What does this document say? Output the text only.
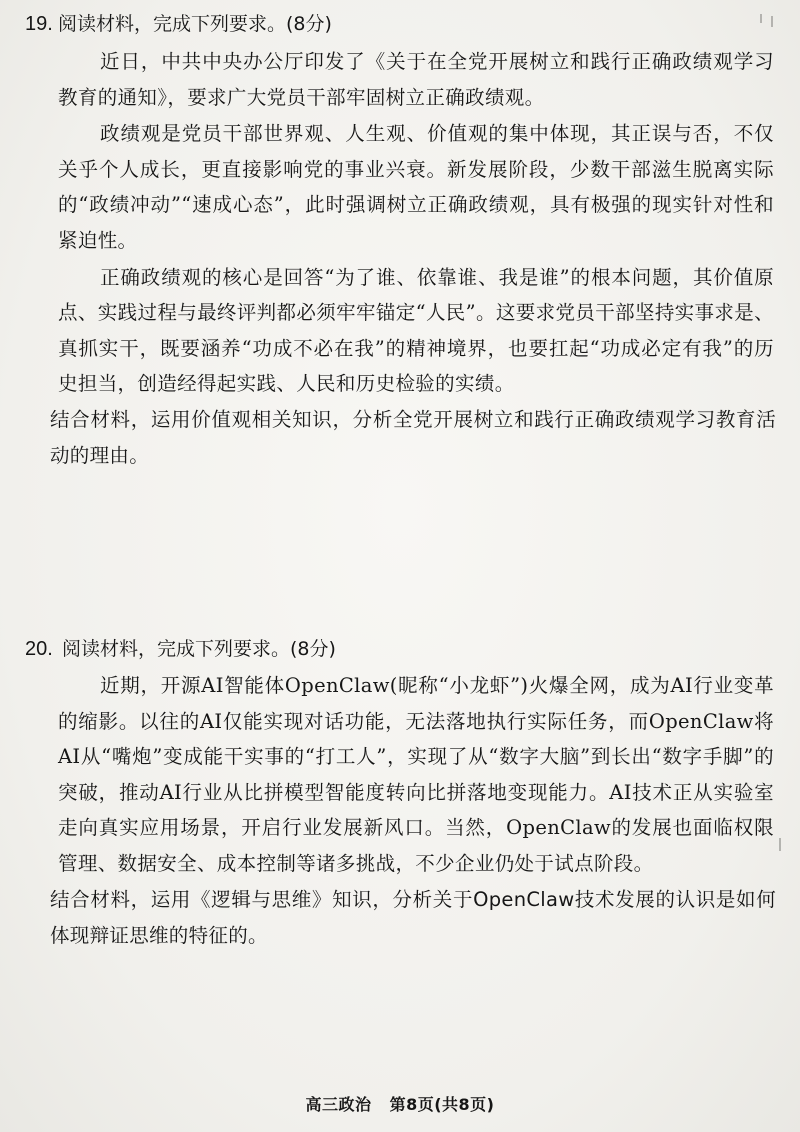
19. 阅读材料，完成下列要求。(8分)

近日，中共中央办公厅印发了《关于在全党开展树立和践行正确政绩观学习教育的通知》，要求广大党员干部牢固树立正确政绩观。

政绩观是党员干部世界观、人生观、价值观的集中体现，其正误与否，不仅关乎个人成长，更直接影响党的事业兴衰。新发展阶段，少数干部滋生脱离实际的“政绩冲动”“速成心态”，此时强调树立正确政绩观，具有极强的现实针对性和紧迫性。

正确政绩观的核心是回答“为了谁、依靠谁、我是谁”的根本问题，其价值原点、实践过程与最终评判都必须牢牢锚定“人民”。这要求党员干部坚持实事求是、真抓实干，既要涵养“功成不必在我”的精神境界，也要扛起“功成必定有我”的历史担当，创造经得起实践、人民和历史检验的实绩。

结合材料，运用价值观相关知识，分析全党开展树立和践行正确政绩观学习教育活动的理由。

20. 阅读材料，完成下列要求。(8分)

近期，开源AI智能体OpenClaw(昵称“小龙虾”)火爆全网，成为AI行业变革的缩影。以往的AI仅能实现对话功能，无法落地执行实际任务，而OpenClaw将AI从“嘴炮”变成能干实事的“打工人”，实现了从“数字大脑”到长出“数字手脚”的突破，推动AI行业从比拼模型智能度转向比拼落地变现能力。AI技术正从实验室走向真实应用场景，开启行业发展新风口。当然，OpenClaw的发展也面临权限管理、数据安全、成本控制等诸多挑战，不少企业仍处于试点阶段。

结合材料，运用《逻辑与思维》知识，分析关于OpenClaw技术发展的认识是如何体现辩证思维的特征的。

高三政治 第8页(共8页)
